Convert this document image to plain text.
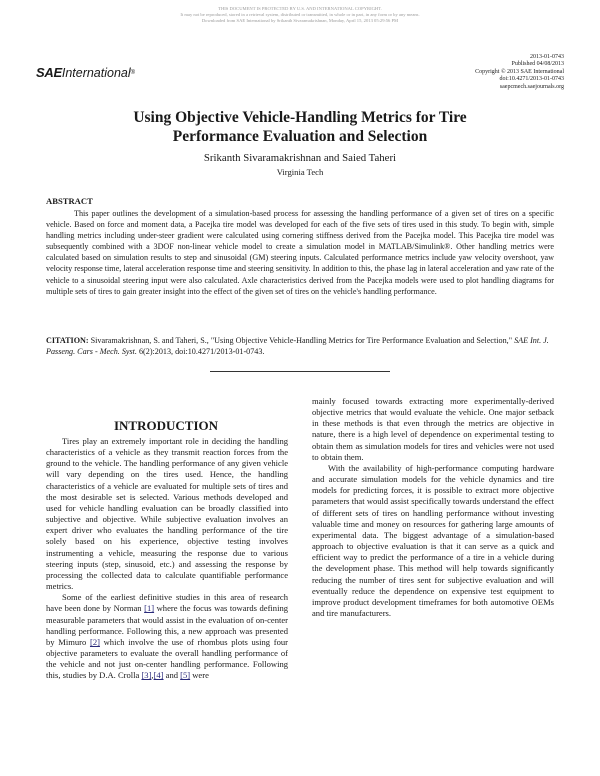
THIS DOCUMENT IS PROTECTED BY U.S. AND INTERNATIONAL COPYRIGHT.
It may not be reproduced, stored in a retrieval system, distributed or transmitted, in whole or in part, in any form or by any means.
Downloaded from SAE International by Srikanth Sivaramakrishnan, Monday, April 15, 2013 05:29:56 PM
SAEInternational®
2013-01-0743
Published 04/08/2013
Copyright © 2013 SAE International
doi:10.4271/2013-01-0743
saepcmech.saejournals.org
Using Objective Vehicle-Handling Metrics for Tire
Performance Evaluation and Selection
Srikanth Sivaramakrishnan and Saied Taheri
Virginia Tech
ABSTRACT

This paper outlines the development of a simulation-based process for assessing the handling performance of a given set of tires on a specific vehicle. Based on force and moment data, a Pacejka tire model was developed for each of the five sets of tires used in this study. To begin with, simple handling metrics including under-steer gradient were calculated using cornering stiffness derived from the Pacejka model. This Pacejka tire model was subsequently combined with a 3DOF non-linear vehicle model to create a simulation model in MATLAB/Simulink®. Other handling metrics were calculated based on simulation results to step and sinusoidal (GM) steering inputs. Calculated performance metrics include yaw velocity overshoot, yaw velocity response time, lateral acceleration response time and steering sensitivity. In addition to this, the phase lag in lateral acceleration and yaw rate of the vehicle to a sinusoidal steering input were also calculated. Axle characteristics derived from the Pacejka models were used to plot handling diagrams for multiple sets of tires to gain greater insight into the effect of the given set of tires on the vehicle's handling performance.

CITATION: Sivaramakrishnan, S. and Taheri, S., "Using Objective Vehicle-Handling Metrics for Tire Performance Evaluation and Selection," SAE Int. J. Passeng. Cars - Mech. Syst. 6(2):2013, doi:10.4271/2013-01-0743.

INTRODUCTION

Tires play an extremely important role in deciding the handling characteristics of a vehicle as they transmit reaction forces from the ground to the vehicle. The handling performance of any given vehicle will vary depending on the tires used. Hence, the handling characteristics of a vehicle are evaluated for multiple sets of tires and the most desirable set is selected. Various methods developed and used for vehicle handling evaluation can be broadly classified into subjective and objective. While subjective evaluation involves an expert driver who evaluates the handling performance of the tire solely based on his experience, objective testing involves instrumenting a vehicle, measuring the response due to various steering inputs (step, sinusoid, etc.) and assessing the response by processing the collected data to calculate quantifiable performance metrics.

Some of the earliest definitive studies in this area of research have been done by Norman [1] where the focus was towards defining measurable parameters that would assist in the evaluation of on-center handling performance. Following this, a new approach was presented by Mimuro [2] which involve the use of rhombus plots using four objective parameters to evaluate the overall handling performance of the vehicle and not just on-center handling performance. Following this, studies by D.A. Crolla [3],[4] and [5] were

mainly focused towards extracting more experimentally-derived objective metrics that would evaluate the vehicle. One major setback in these methods is that even through the metrics are objective in nature, there is a high level of dependence on experimental testing to obtain them as simulation models for tires and vehicles were not used to obtain them.

With the availability of high-performance computing hardware and accurate simulation models for the vehicle dynamics and tire models for predicting forces, it is possible to extract more objective parameters that would assist specifically towards understand the effect of different sets of tires on handling performance without investing valuable time and money on resources for gathering large amounts of experimental data. The biggest advantage of a simulation-based approach to objective evaluation is that it can serve as a quick and efficient way to predict the performance of a tire in a vehicle during the development phase. This method will help towards significantly reducing the number of tires sent for subjective evaluation and will eventually reduce the dependence on expensive test equipment to improve product development timeframes for both automotive OEMs and tire manufacturers.
